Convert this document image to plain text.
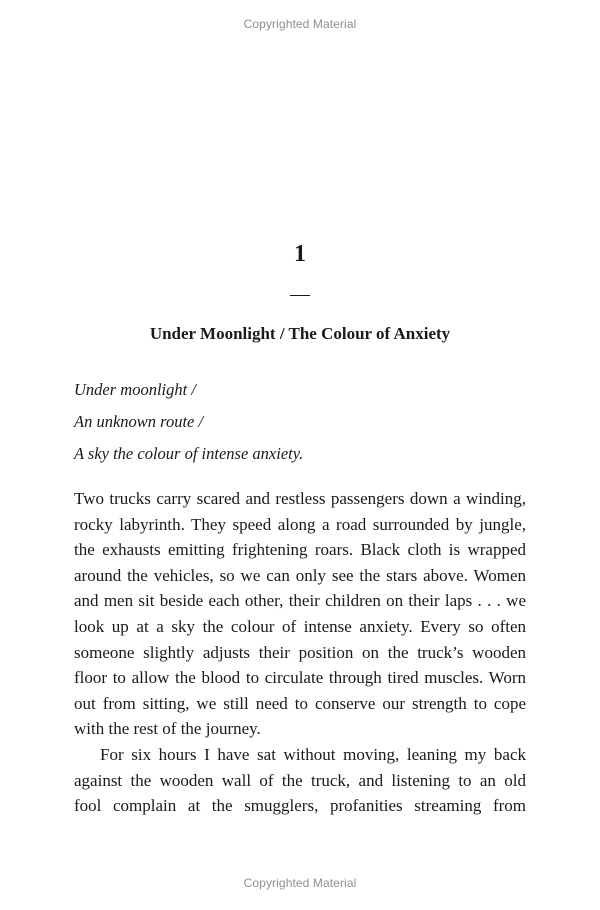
Copyrighted Material
1
—
Under Moonlight / The Colour of Anxiety
Under moonlight /
An unknown route /
A sky the colour of intense anxiety.
Two trucks carry scared and restless passengers down a winding,
rocky labyrinth. They speed along a road surrounded by jungle,
the exhausts emitting frightening roars. Black cloth is wrapped
around the vehicles, so we can only see the stars above. Women
and men sit beside each other, their children on their laps . . . we
look up at a sky the colour of intense anxiety. Every so often
someone slightly adjusts their position on the truck’s wooden
floor to allow the blood to circulate through tired muscles. Worn
out from sitting, we still need to conserve our strength to cope
with the rest of the journey.
For six hours I have sat without moving, leaning my back
against the wooden wall of the truck, and listening to an old
fool complain at the smugglers, profanities streaming from
Copyrighted Material
